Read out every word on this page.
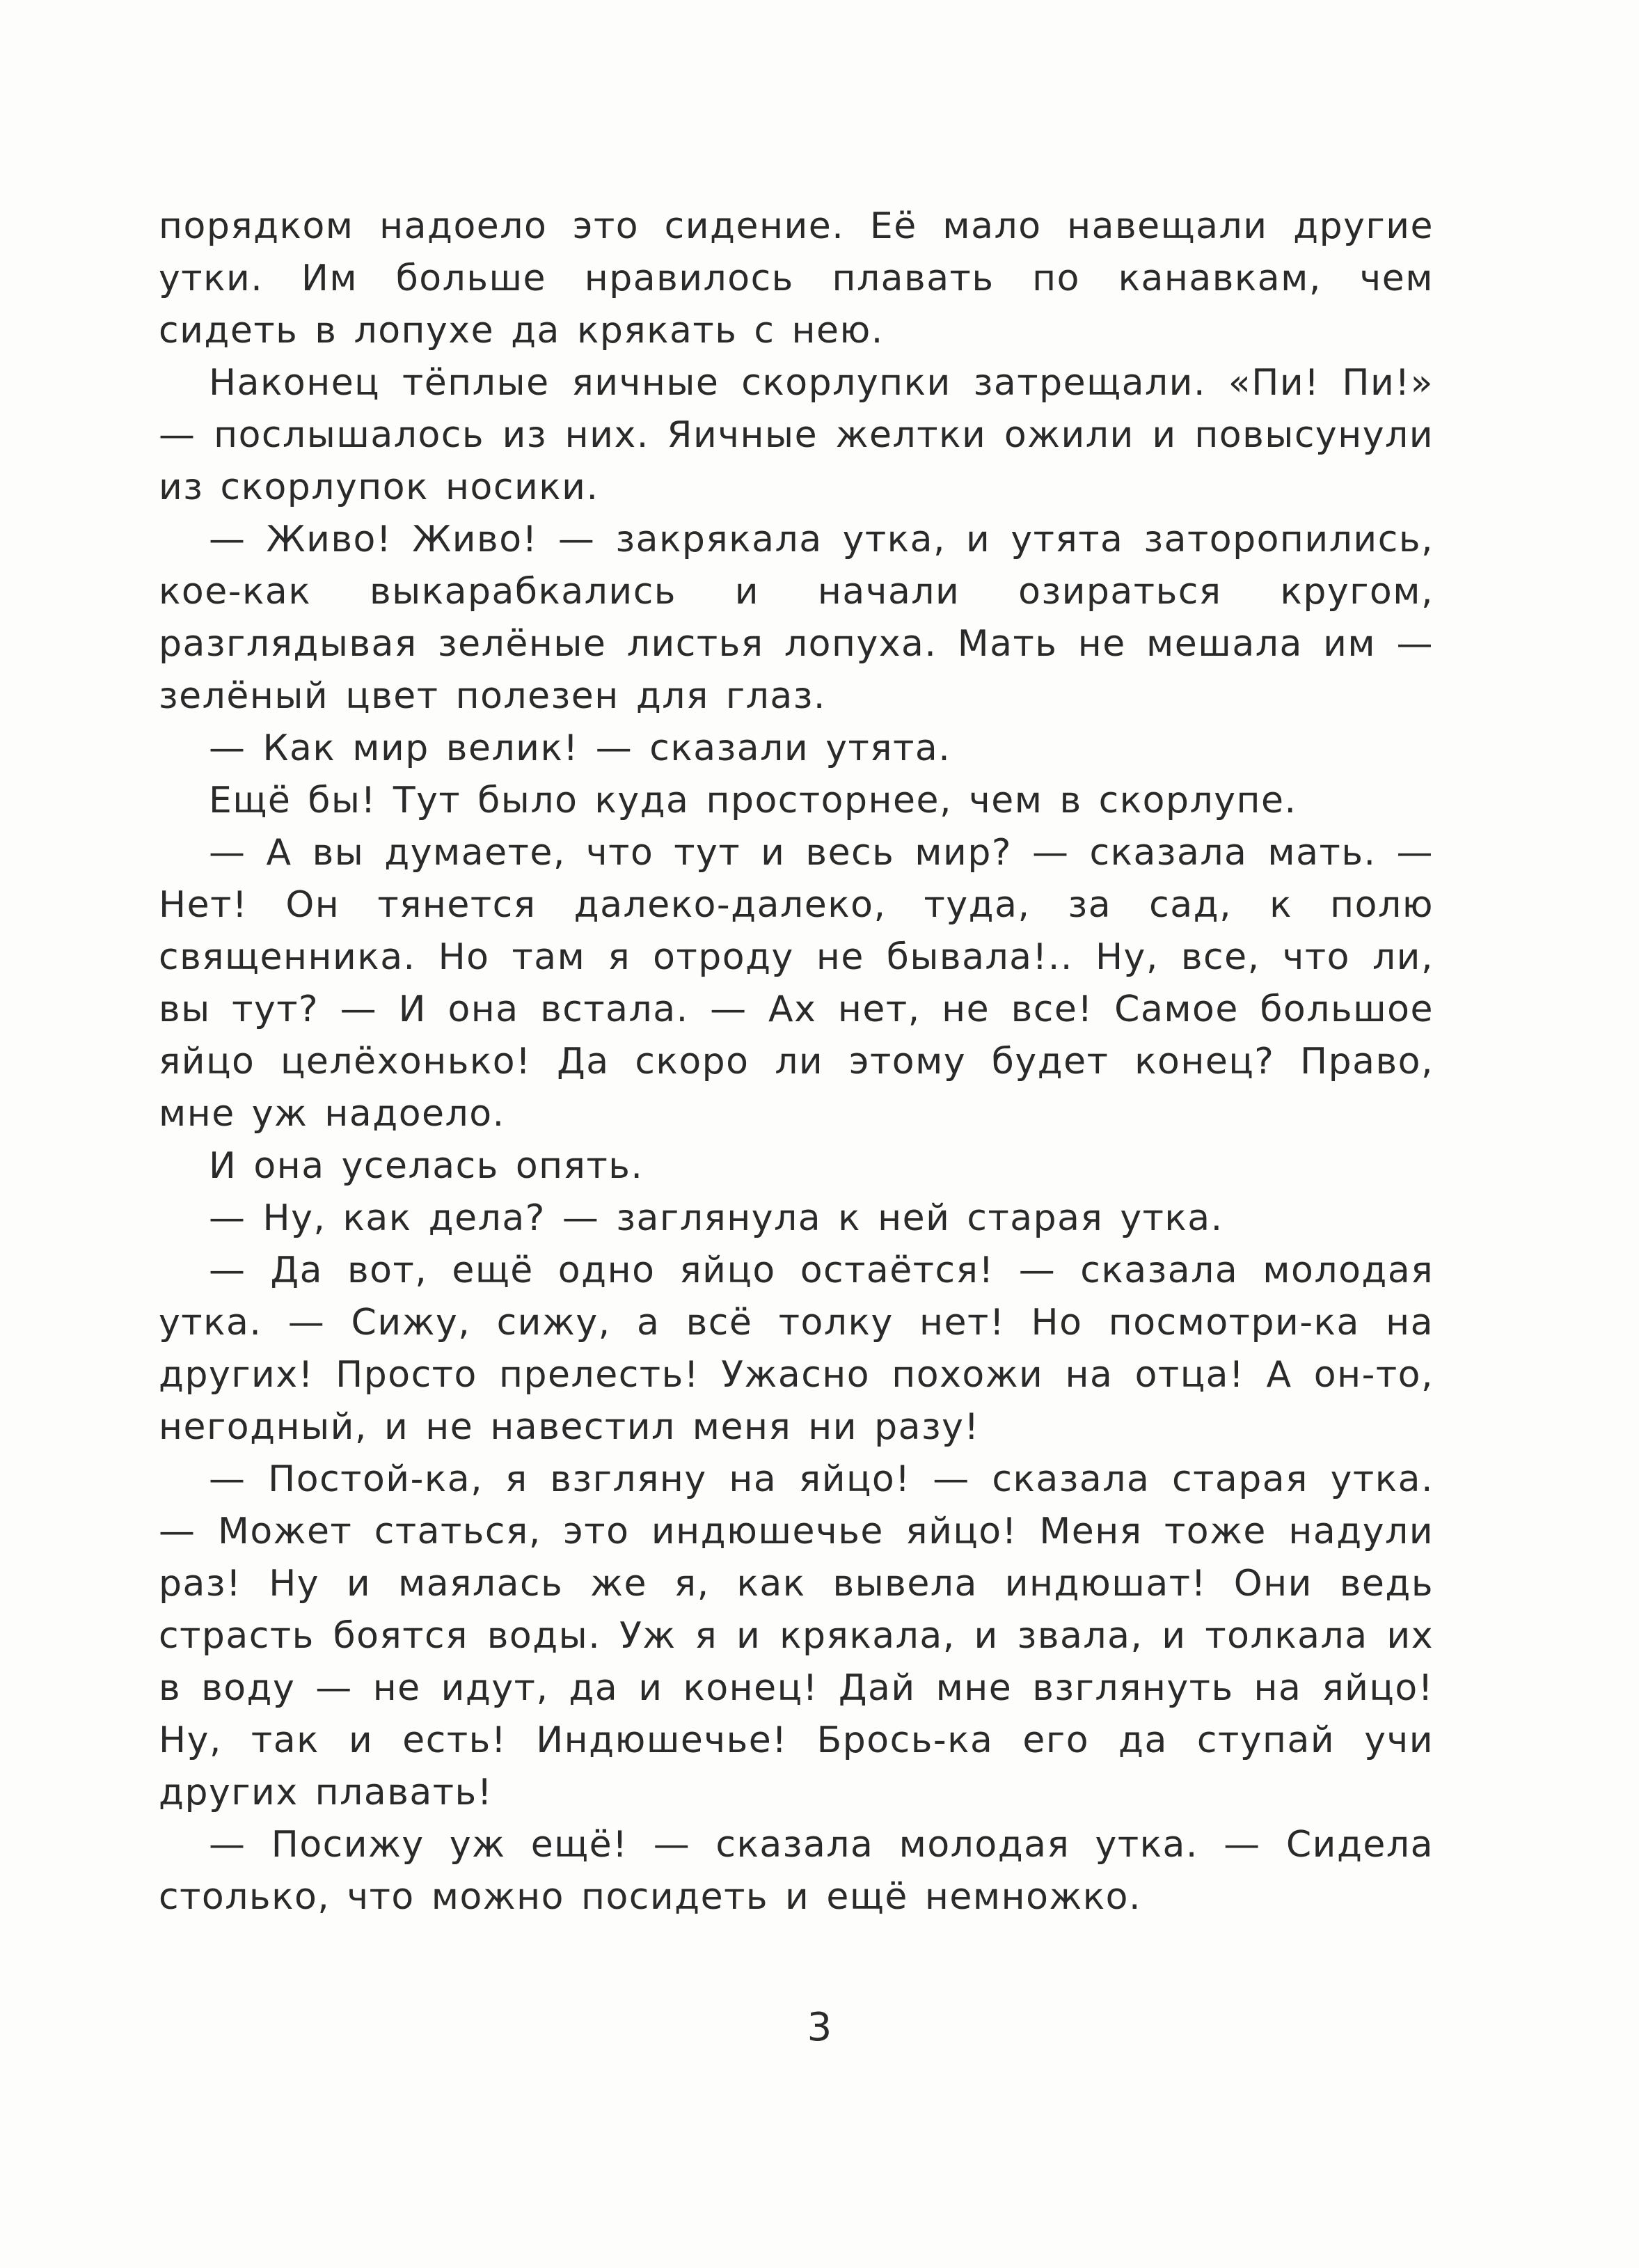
порядком надоело это сидение. Её мало навещали другие утки. Им больше нравилось плавать по канавкам, чем сидеть в лопухе да крякать с нею.

Наконец тёплые яичные скорлупки затрещали. «Пи! Пи!» — послышалось из них. Яичные желтки ожили и повысунули из скорлупок носики.

— Живо! Живо! — закрякала утка, и утята заторопились, кое-как выкарабкались и начали озираться кругом, разглядывая зелёные листья лопуха. Мать не мешала им — зелёный цвет полезен для глаз.

— Как мир велик! — сказали утята.

Ещё бы! Тут было куда просторнее, чем в скорлупе.

— А вы думаете, что тут и весь мир? — сказала мать. — Нет! Он тянется далеко-далеко, туда, за сад, к полю священника. Но там я отроду не бывала!.. Ну, все, что ли, вы тут? — И она встала. — Ах нет, не все! Самое большое яйцо целёхонько! Да скоро ли этому будет конец? Право, мне уж надоело.

И она уселась опять.

— Ну, как дела? — заглянула к ней старая утка.

— Да вот, ещё одно яйцо остаётся! — сказала молодая утка. — Сижу, сижу, а всё толку нет! Но посмотри-ка на других! Просто прелесть! Ужасно похожи на отца! А он-то, негодный, и не навестил меня ни разу!

— Постой-ка, я взгляну на яйцо! — сказала старая утка. — Может статься, это индюшечье яйцо! Меня тоже надули раз! Ну и маялась же я, как вывела индюшат! Они ведь страсть боятся воды. Уж я и крякала, и звала, и толкала их в воду — не идут, да и конец! Дай мне взглянуть на яйцо! Ну, так и есть! Индюшечье! Брось-ка его да ступай учи других плавать!

— Посижу уж ещё! — сказала молодая утка. — Сидела столько, что можно посидеть и ещё немножко.

3
